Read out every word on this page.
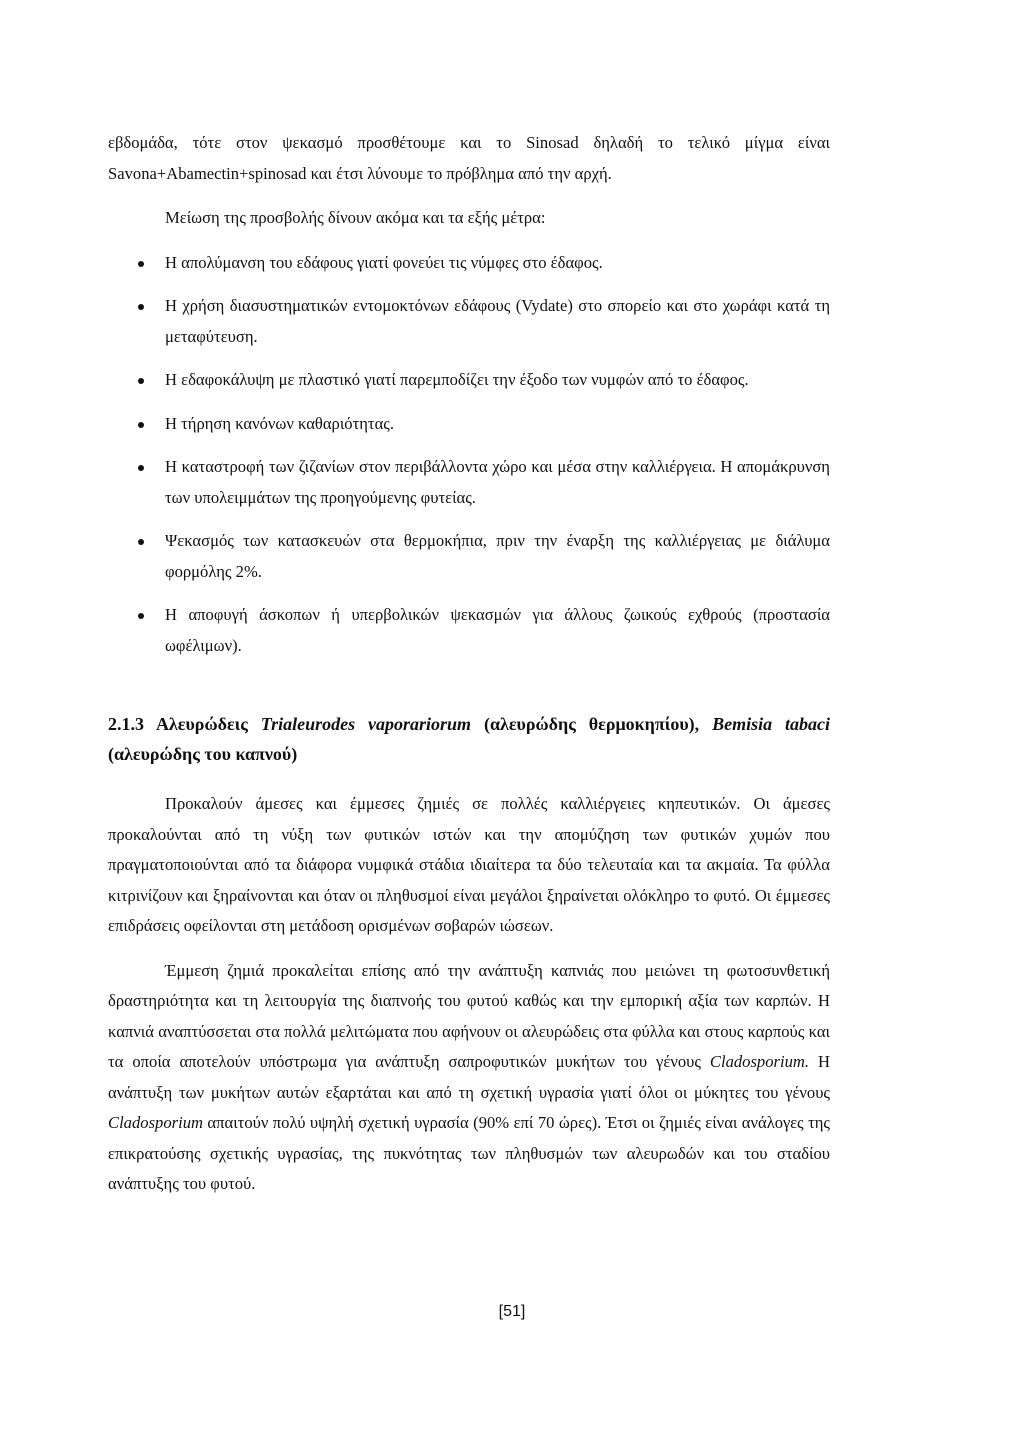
εβδομάδα, τότε στον ψεκασμό προσθέτουμε και το Sinosad δηλαδή το τελικό μίγμα είναι Savona+Abamectin+spinosad και έτσι λύνουμε το πρόβλημα από την αρχή.

Μείωση της προσβολής δίνουν ακόμα και τα εξής μέτρα:

Η απολύμανση του εδάφους γιατί φονεύει τις νύμφες στο έδαφος.
Η χρήση διασυστηματικών εντομοκτόνων εδάφους (Vydate) στο σπορείο και στο χωράφι κατά τη μεταφύτευση.
Η εδαφοκάλυψη με πλαστικό γιατί παρεμποδίζει την έξοδο των νυμφών από το έδαφος.
Η τήρηση κανόνων καθαριότητας.
Η καταστροφή των ζιζανίων στον περιβάλλοντα χώρο και μέσα στην καλλιέργεια. Η απομάκρυνση των υπολειμμάτων της προηγούμενης φυτείας.
Ψεκασμός των κατασκευών στα θερμοκήπια, πριν την έναρξη της καλλιέργειας με διάλυμα φορμόλης 2%.
Η αποφυγή άσκοπων ή υπερβολικών ψεκασμών για άλλους ζωικούς εχθρούς (προστασία ωφέλιμων).
2.1.3 Αλευρώδεις Trialeurodes vaporariorum (αλευρώδης θερμοκηπίου), Bemisia tabaci (αλευρώδης του καπνού)

Προκαλούν άμεσες και έμμεσες ζημιές σε πολλές καλλιέργειες κηπευτικών. Οι άμεσες προκαλούνται από τη νύξη των φυτικών ιστών και την απομύζηση των φυτικών χυμών που πραγματοποιούνται από τα διάφορα νυμφικά στάδια ιδιαίτερα τα δύο τελευταία και τα ακμαία. Τα φύλλα κιτρινίζουν και ξηραίνονται και όταν οι πληθυσμοί είναι μεγάλοι ξηραίνεται ολόκληρο το φυτό. Οι έμμεσες επιδράσεις οφείλονται στη μετάδοση ορισμένων σοβαρών ιώσεων.

Έμμεση ζημιά προκαλείται επίσης από την ανάπτυξη καπνιάς που μειώνει τη φωτοσυνθετική δραστηριότητα και τη λειτουργία της διαπνοής του φυτού καθώς και την εμπορική αξία των καρπών. Η καπνιά αναπτύσσεται στα πολλά μελιτώματα που αφήνουν οι αλευρώδεις στα φύλλα και στους καρπούς και τα οποία αποτελούν υπόστρωμα για ανάπτυξη σαπροφυτικών μυκήτων του γένους Cladosporium. Η ανάπτυξη των μυκήτων αυτών εξαρτάται και από τη σχετική υγρασία γιατί όλοι οι μύκητες του γένους Cladosporium απαιτούν πολύ υψηλή σχετική υγρασία (90% επί 70 ώρες). Έτσι οι ζημιές είναι ανάλογες της επικρατούσης σχετικής υγρασίας, της πυκνότητας των πληθυσμών των αλευρωδών και του σταδίου ανάπτυξης του φυτού.

[51]
